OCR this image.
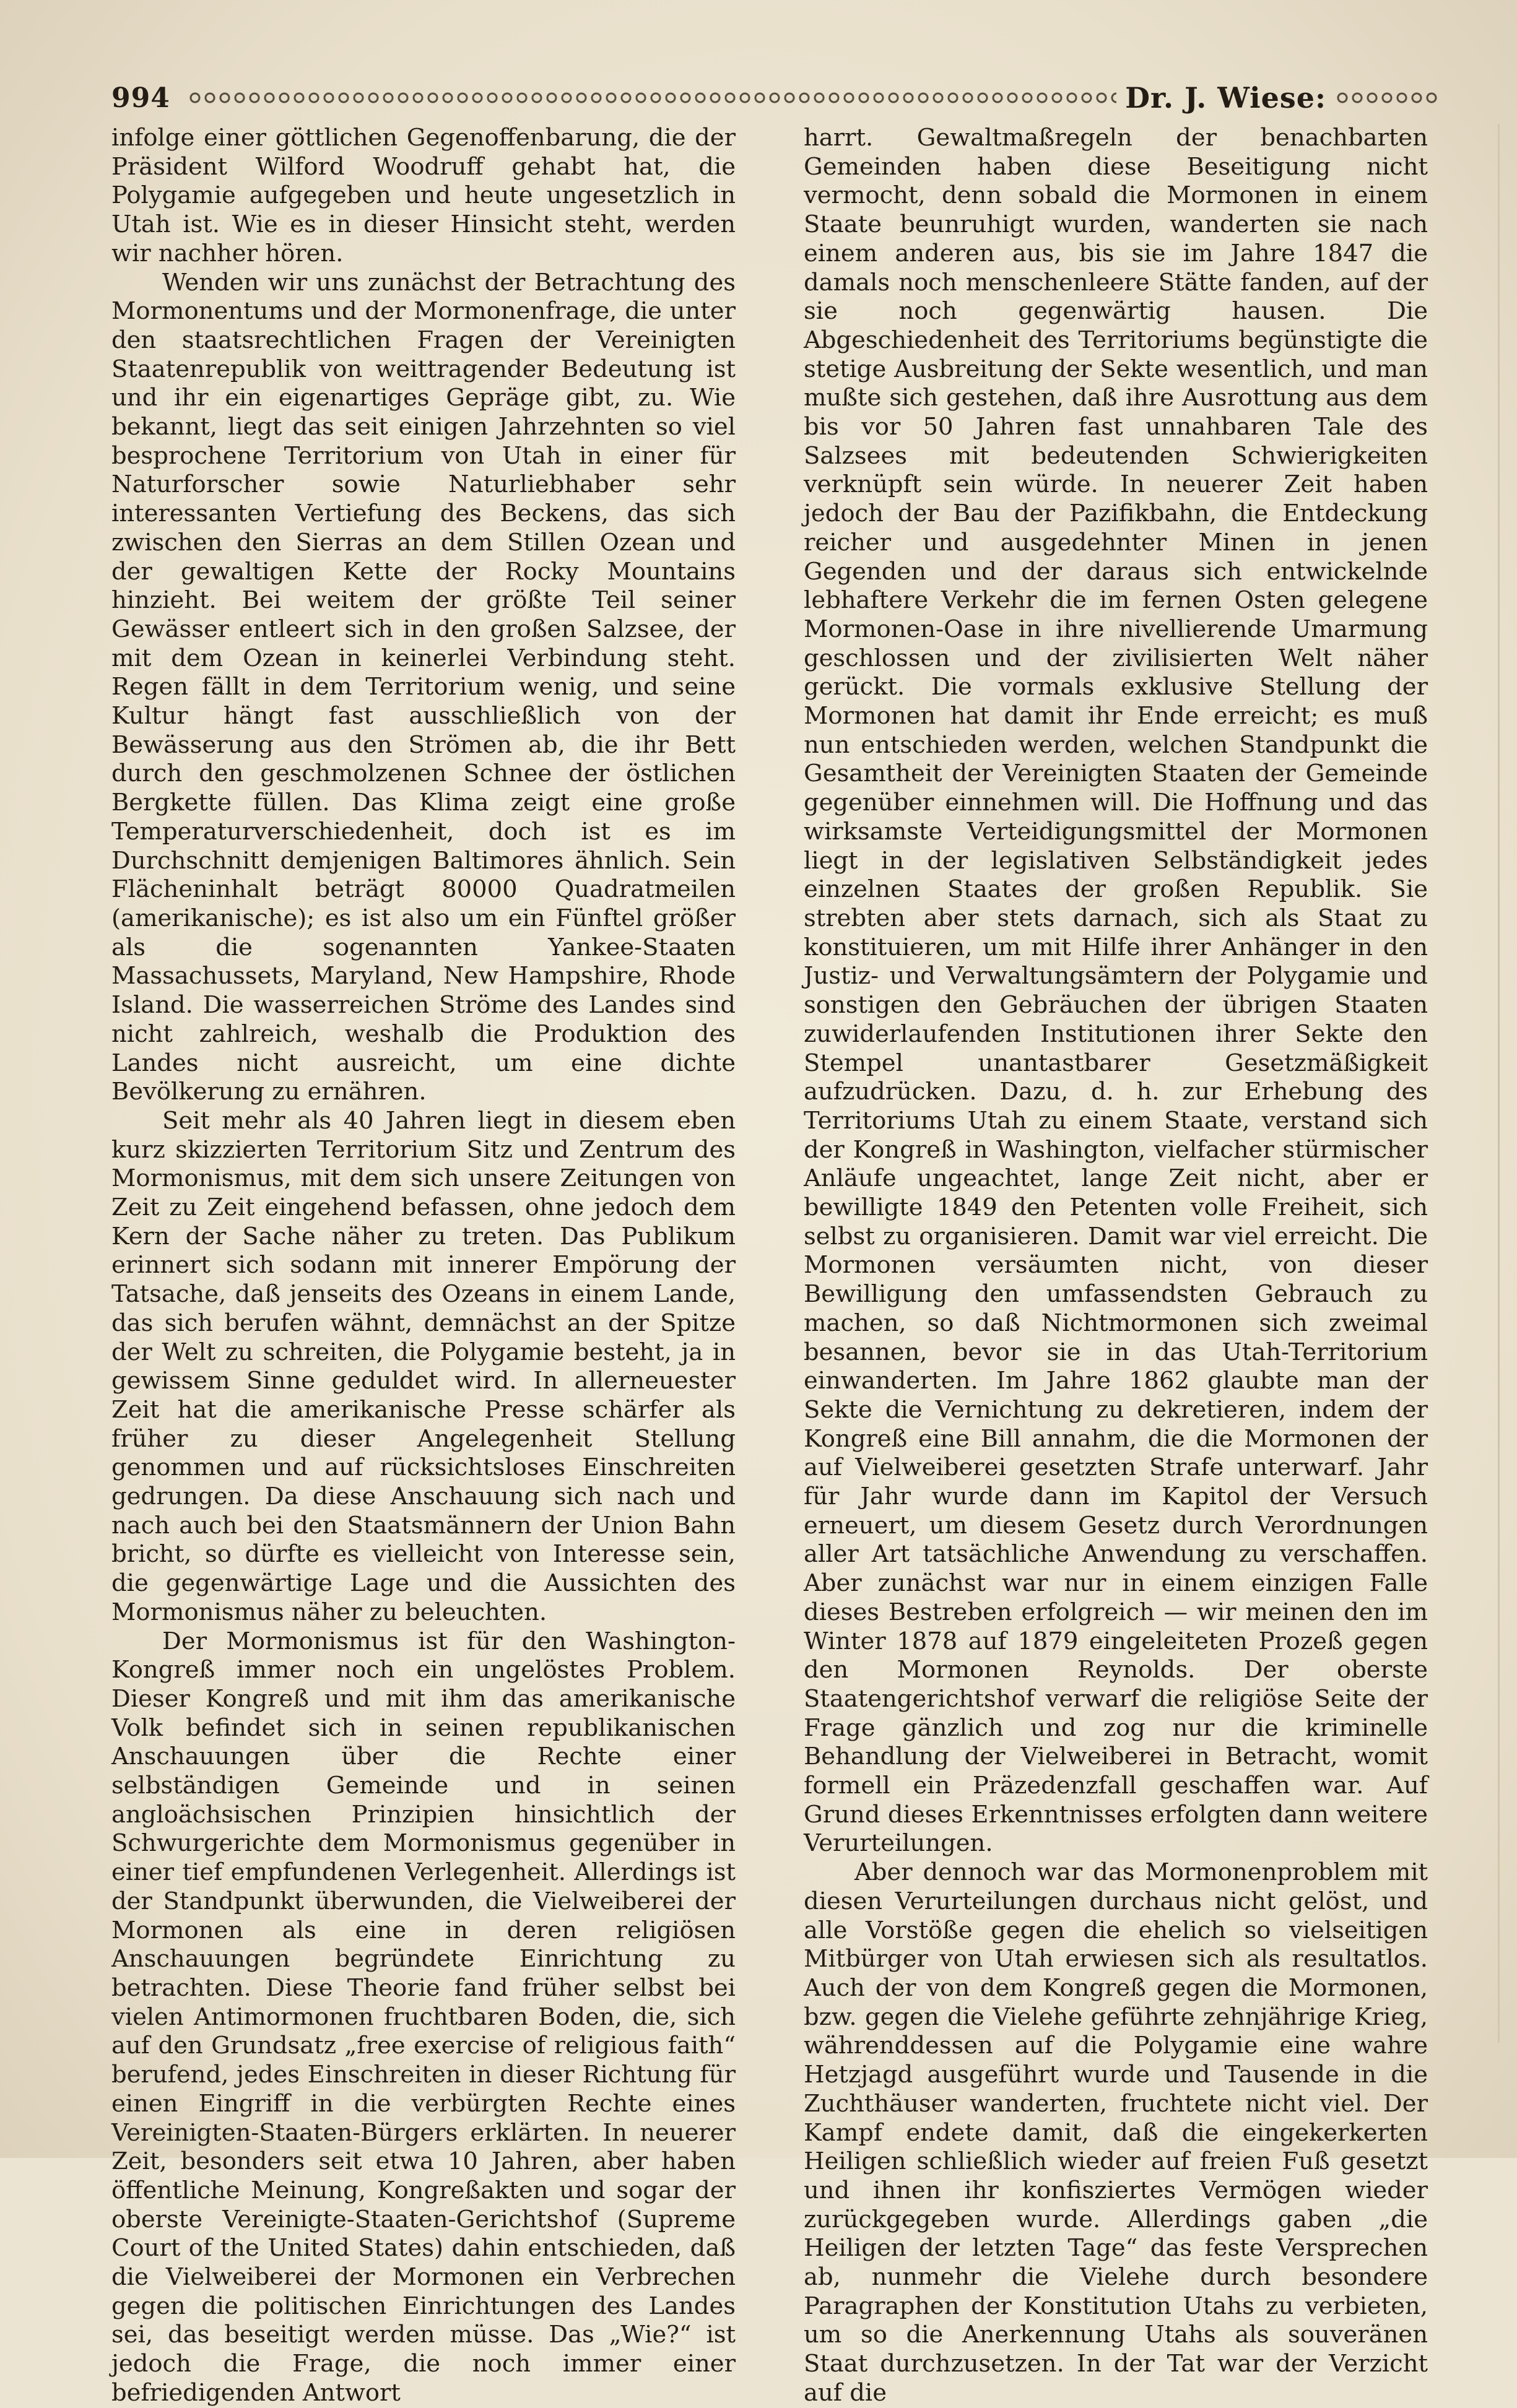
994	Dr. J. Wiese:

infolge einer göttlichen Gegenoffenbarung, die der Präsident Wilford Woodruff gehabt hat, die Polygamie aufgegeben und heute ungesetzlich in Utah ist. Wie es in dieser Hinsicht steht, werden wir nachher hören.

Wenden wir uns zunächst der Betrachtung des Mormonentums und der Mormonenfrage, die unter den staatsrechtlichen Fragen der Vereinigten Staatenrepublik von weittragender Bedeutung ist und ihr ein eigenartiges Gepräge gibt, zu. Wie bekannt, liegt das seit einigen Jahrzehnten so viel besprochene Territorium von Utah in einer für Naturforscher sowie Naturliebhaber sehr interessanten Vertiefung des Beckens, das sich zwischen den Sierras an dem Stillen Ozean und der gewaltigen Kette der Rocky Mountains hinzieht. Bei weitem der größte Teil seiner Gewässer entleert sich in den großen Salzsee, der mit dem Ozean in keinerlei Verbindung steht. Regen fällt in dem Territorium wenig, und seine Kultur hängt fast ausschließlich von der Bewässerung aus den Strömen ab, die ihr Bett durch den geschmolzenen Schnee der östlichen Bergkette füllen. Das Klima zeigt eine große Temperaturverschiedenheit, doch ist es im Durchschnitt demjenigen Baltimores ähnlich. Sein Flächeninhalt beträgt 80000 Quadratmeilen (amerikanische); es ist also um ein Fünftel größer als die sogenannten Yankee-Staaten Massachussets, Maryland, New Hampshire, Rhode Island. Die wasserreichen Ströme des Landes sind nicht zahlreich, weshalb die Produktion des Landes nicht ausreicht, um eine dichte Bevölkerung zu ernähren.

Seit mehr als 40 Jahren liegt in diesem eben kurz skizzierten Territorium Sitz und Zentrum des Mormonismus, mit dem sich unsere Zeitungen von Zeit zu Zeit eingehend befassen, ohne jedoch dem Kern der Sache näher zu treten. Das Publikum erinnert sich sodann mit innerer Empörung der Tatsache, daß jenseits des Ozeans in einem Lande, das sich berufen wähnt, demnächst an der Spitze der Welt zu schreiten, die Polygamie besteht, ja in gewissem Sinne geduldet wird. In allerneuester Zeit hat die amerikanische Presse schärfer als früher zu dieser Angelegenheit Stellung genommen und auf rücksichtsloses Einschreiten gedrungen. Da diese Anschauung sich nach und nach auch bei den Staatsmännern der Union Bahn bricht, so dürfte es vielleicht von Interesse sein, die gegenwärtige Lage und die Aussichten des Mormonismus näher zu beleuchten.

Der Mormonismus ist für den Washington-Kongreß immer noch ein ungelöstes Problem. Dieser Kongreß und mit ihm das amerikanische Volk befindet sich in seinen republikanischen Anschauungen über die Rechte einer selbständigen Gemeinde und in seinen angloächsischen Prinzipien hinsichtlich der Schwurgerichte dem Mormonismus gegenüber in einer tief empfundenen Verlegenheit. Allerdings ist der Standpunkt überwunden, die Vielweiberei der Mormonen als eine in deren religiösen Anschauungen begründete Einrichtung zu betrachten. Diese Theorie fand früher selbst bei vielen Antimormonen fruchtbaren Boden, die, sich auf den Grundsatz „free exercise of religious faith“ berufend, jedes Einschreiten in dieser Richtung für einen Eingriff in die verbürgten Rechte eines Vereinigten-Staaten-Bürgers erklärten. In neuerer Zeit, besonders seit etwa 10 Jahren, aber haben öffentliche Meinung, Kongreßakten und sogar der oberste Vereinigte-Staaten-Gerichtshof (Supreme Court of the United States) dahin entschieden, daß die Vielweiberei der Mormonen ein Verbrechen gegen die politischen Einrichtungen des Landes sei, das beseitigt werden müsse. Das „Wie?“ ist jedoch die Frage, die noch immer einer befriedigenden Antwort

harrt. Gewaltmaßregeln der benachbarten Gemeinden haben diese Beseitigung nicht vermocht, denn sobald die Mormonen in einem Staate beunruhigt wurden, wanderten sie nach einem anderen aus, bis sie im Jahre 1847 die damals noch menschenleere Stätte fanden, auf der sie noch gegenwärtig hausen. Die Abgeschiedenheit des Territoriums begünstigte die stetige Ausbreitung der Sekte wesentlich, und man mußte sich gestehen, daß ihre Ausrottung aus dem bis vor 50 Jahren fast unnahbaren Tale des Salzsees mit bedeutenden Schwierigkeiten verknüpft sein würde. In neuerer Zeit haben jedoch der Bau der Pazifikbahn, die Entdeckung reicher und ausgedehnter Minen in jenen Gegenden und der daraus sich entwickelnde lebhaftere Verkehr die im fernen Osten gelegene Mormonen-Oase in ihre nivellierende Umarmung geschlossen und der zivilisierten Welt näher gerückt. Die vormals exklusive Stellung der Mormonen hat damit ihr Ende erreicht; es muß nun entschieden werden, welchen Standpunkt die Gesamtheit der Vereinigten Staaten der Gemeinde gegenüber einnehmen will. Die Hoffnung und das wirksamste Verteidigungsmittel der Mormonen liegt in der legislativen Selbständigkeit jedes einzelnen Staates der großen Republik. Sie strebten aber stets darnach, sich als Staat zu konstituieren, um mit Hilfe ihrer Anhänger in den Justiz- und Verwaltungsämtern der Polygamie und sonstigen den Gebräuchen der übrigen Staaten zuwiderlaufenden Institutionen ihrer Sekte den Stempel unantastbarer Gesetzmäßigkeit aufzudrücken. Dazu, d. h. zur Erhebung des Territoriums Utah zu einem Staate, verstand sich der Kongreß in Washington, vielfacher stürmischer Anläufe ungeachtet, lange Zeit nicht, aber er bewilligte 1849 den Petenten volle Freiheit, sich selbst zu organisieren. Damit war viel erreicht. Die Mormonen versäumten nicht, von dieser Bewilligung den umfassendsten Gebrauch zu machen, so daß Nichtmormonen sich zweimal besannen, bevor sie in das Utah-Territorium einwanderten. Im Jahre 1862 glaubte man der Sekte die Vernichtung zu dekretieren, indem der Kongreß eine Bill annahm, die die Mormonen der auf Vielweiberei gesetzten Strafe unterwarf. Jahr für Jahr wurde dann im Kapitol der Versuch erneuert, um diesem Gesetz durch Verordnungen aller Art tatsächliche Anwendung zu verschaffen. Aber zunächst war nur in einem einzigen Falle dieses Bestreben erfolgreich — wir meinen den im Winter 1878 auf 1879 eingeleiteten Prozeß gegen den Mormonen Reynolds. Der oberste Staatengerichtshof verwarf die religiöse Seite der Frage gänzlich und zog nur die kriminelle Behandlung der Vielweiberei in Betracht, womit formell ein Präzedenzfall geschaffen war. Auf Grund dieses Erkenntnisses erfolgten dann weitere Verurteilungen.

Aber dennoch war das Mormonenproblem mit diesen Verurteilungen durchaus nicht gelöst, und alle Vorstöße gegen die ehelich so vielseitigen Mitbürger von Utah erwiesen sich als resultatlos. Auch der von dem Kongreß gegen die Mormonen, bzw. gegen die Vielehe geführte zehnjährige Krieg, währenddessen auf die Polygamie eine wahre Hetzjagd ausgeführt wurde und Tausende in die Zuchthäuser wanderten, fruchtete nicht viel. Der Kampf endete damit, daß die eingekerkerten Heiligen schließlich wieder auf freien Fuß gesetzt und ihnen ihr konfisziertes Vermögen wieder zurückgegeben wurde. Allerdings gaben „die Heiligen der letzten Tage“ das feste Versprechen ab, nunmehr die Vielehe durch besondere Paragraphen der Konstitution Utahs zu verbieten, um so die Anerkennung Utahs als souveränen Staat durchzusetzen. In der Tat war der Verzicht auf die
